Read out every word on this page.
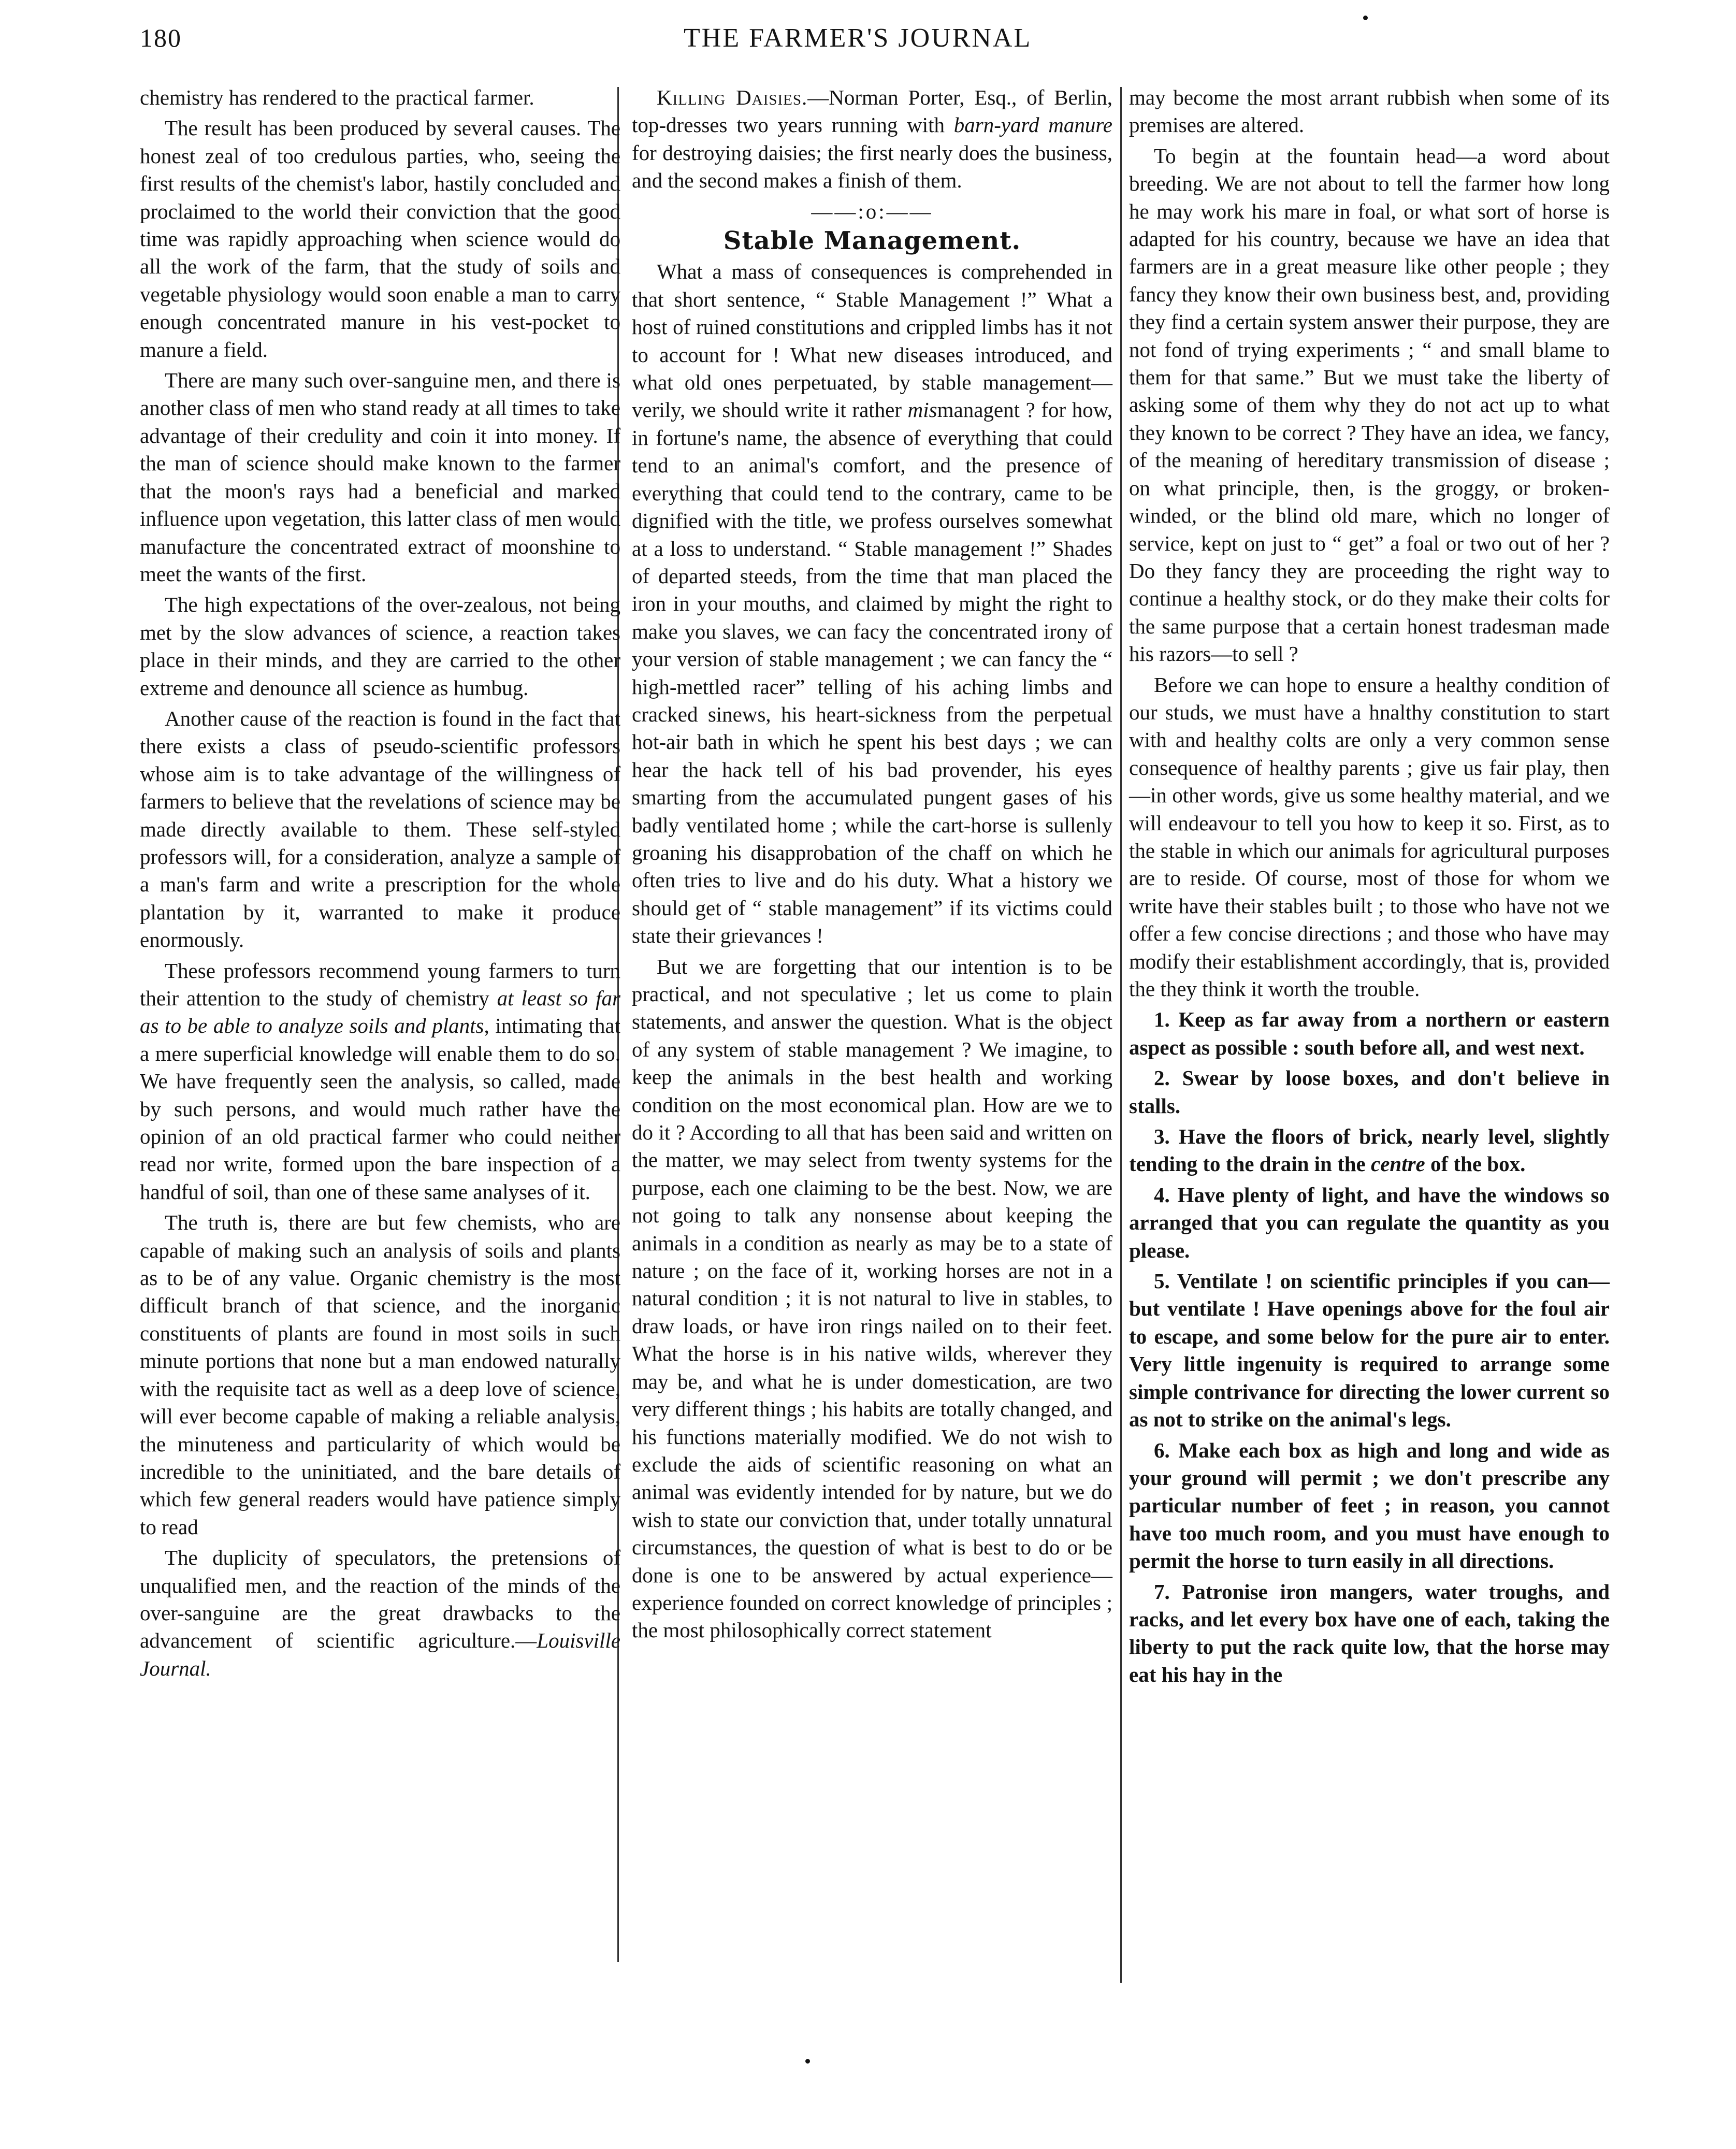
180	THE FARMER'S JOURNAL

chemistry has rendered to the practical farmer.

The result has been produced by several causes. The honest zeal of too credulous parties, who, seeing the first results of the chemist's labor, hastily concluded and proclaimed to the world their conviction that the good time was rapidly approaching when science would do all the work of the farm, that the study of soils and vegetable physiology would soon enable a man to carry enough concentrated manure in his vest-pocket to manure a field.

There are many such over-sanguine men, and there is another class of men who stand ready at all times to take advantage of their credulity and coin it into money. If the man of science should make known to the farmer that the moon's rays had a beneficial and marked influence upon vegetation, this latter class of men would manufacture the concentrated extract of moonshine to meet the wants of the first.

The high expectations of the over-zealous, not being met by the slow advances of science, a reaction takes place in their minds, and they are carried to the other extreme and denounce all science as humbug.

Another cause of the reaction is found in the fact that there exists a class of pseudo-scientific professors whose aim is to take advantage of the willingness of farmers to believe that the revelations of science may be made directly available to them. These self-styled professors will, for a consideration, analyze a sample of a man's farm and write a prescription for the whole plantation by it, warranted to make it produce enormously.

These professors recommend young farmers to turn their attention to the study of chemistry at least so far as to be able to analyze soils and plants, intimating that a mere superficial knowledge will enable them to do so. We have frequently seen the analysis, so called, made by such persons, and would much rather have the opinion of an old practical farmer who could neither read nor write, formed upon the bare inspection of a handful of soil, than one of these same analyses of it.

The truth is, there are but few chemists, who are capable of making such an analysis of soils and plants as to be of any value. Organic chemistry is the most difficult branch of that science, and the inorganic constituents of plants are found in most soils in such minute portions that none but a man endowed naturally with the requisite tact as well as a deep love of science, will ever become capable of making a reliable analysis, the minuteness and particularity of which would be incredible to the uninitiated, and the bare details of which few general readers would have patience simply to read

The duplicity of speculators, the pretensions of unqualified men, and the reaction of the minds of the over-sanguine are the great drawbacks to the advancement of scientific agriculture.—Louisville Journal.

Killing Daisies.—Norman Porter, Esq., of Berlin, top-dresses two years running with barn-yard manure for destroying daisies; the first nearly does the business, and the second makes a finish of them.

——:o:——
Stable Management.

What a mass of consequences is comprehended in that short sentence, “ Stable Management !” What a host of ruined constitutions and crippled limbs has it not to account for ! What new diseases introduced, and what old ones perpetuated, by stable management—verily, we should write it rather mismanagent ? for how, in fortune's name, the absence of everything that could tend to an animal's comfort, and the presence of everything that could tend to the contrary, came to be dignified with the title, we profess ourselves somewhat at a loss to understand. “ Stable management !” Shades of departed steeds, from the time that man placed the iron in your mouths, and claimed by might the right to make you slaves, we can facy the concentrated irony of your version of stable management ; we can fancy the “ high-mettled racer” telling of his aching limbs and cracked sinews, his heart-sickness from the perpetual hot-air bath in which he spent his best days ; we can hear the hack tell of his bad provender, his eyes smarting from the accumulated pungent gases of his badly ventilated home ; while the cart-horse is sullenly groaning his disapprobation of the chaff on which he often tries to live and do his duty. What a history we should get of “ stable management” if its victims could state their grievances !

But we are forgetting that our intention is to be practical, and not speculative ; let us come to plain statements, and answer the question. What is the object of any system of stable management ? We imagine, to keep the animals in the best health and working condition on the most economical plan. How are we to do it ? According to all that has been said and written on the matter, we may select from twenty systems for the purpose, each one claiming to be the best. Now, we are not going to talk any nonsense about keeping the animals in a condition as nearly as may be to a state of nature ; on the face of it, working horses are not in a natural condition ; it is not natural to live in stables, to draw loads, or have iron rings nailed on to their feet. What the horse is in his native wilds, wherever they may be, and what he is under domestication, are two very different things ; his habits are totally changed, and his functions materially modified. We do not wish to exclude the aids of scientific reasoning on what an animal was evidently intended for by nature, but we do wish to state our conviction that, under totally unnatural circumstances, the question of what is best to do or be done is one to be answered by actual experience—experience founded on correct knowledge of principles ; the most philosophically correct statement

may become the most arrant rubbish when some of its premises are altered.

To begin at the fountain head—a word about breeding. We are not about to tell the farmer how long he may work his mare in foal, or what sort of horse is adapted for his country, because we have an idea that farmers are in a great measure like other people ; they fancy they know their own business best, and, providing they find a certain system answer their purpose, they are not fond of trying experiments ; “ and small blame to them for that same.” But we must take the liberty of asking some of them why they do not act up to what they known to be correct ? They have an idea, we fancy, of the meaning of hereditary transmission of disease ; on what principle, then, is the groggy, or broken-winded, or the blind old mare, which no longer of service, kept on just to “ get” a foal or two out of her ? Do they fancy they are proceeding the right way to continue a healthy stock, or do they make their colts for the same purpose that a certain honest tradesman made his razors—to sell ?

Before we can hope to ensure a healthy condition of our studs, we must have a hnalthy constitution to start with and healthy colts are only a very common sense consequence of healthy parents ; give us fair play, then—in other words, give us some healthy material, and we will endeavour to tell you how to keep it so. First, as to the stable in which our animals for agricultural purposes are to reside. Of course, most of those for whom we write have their stables built ; to those who have not we offer a few concise directions ; and those who have may modify their establishment accordingly, that is, provided the they think it worth the trouble.

1. Keep as far away from a northern or eastern aspect as possible : south before all, and west next.

2. Swear by loose boxes, and don't believe in stalls.

3. Have the floors of brick, nearly level, slightly tending to the drain in the centre of the box.

4. Have plenty of light, and have the windows so arranged that you can regulate the quantity as you please.

5. Ventilate ! on scientific principles if you can—but ventilate ! Have openings above for the foul air to escape, and some below for the pure air to enter. Very little ingenuity is required to arrange some simple contrivance for directing the lower current so as not to strike on the animal's legs.

6. Make each box as high and long and wide as your ground will permit ; we don't prescribe any particular number of feet ; in reason, you cannot have too much room, and you must have enough to permit the horse to turn easily in all directions.

7. Patronise iron mangers, water troughs, and racks, and let every box have one of each, taking the liberty to put the rack quite low, that the horse may eat his hay in the
